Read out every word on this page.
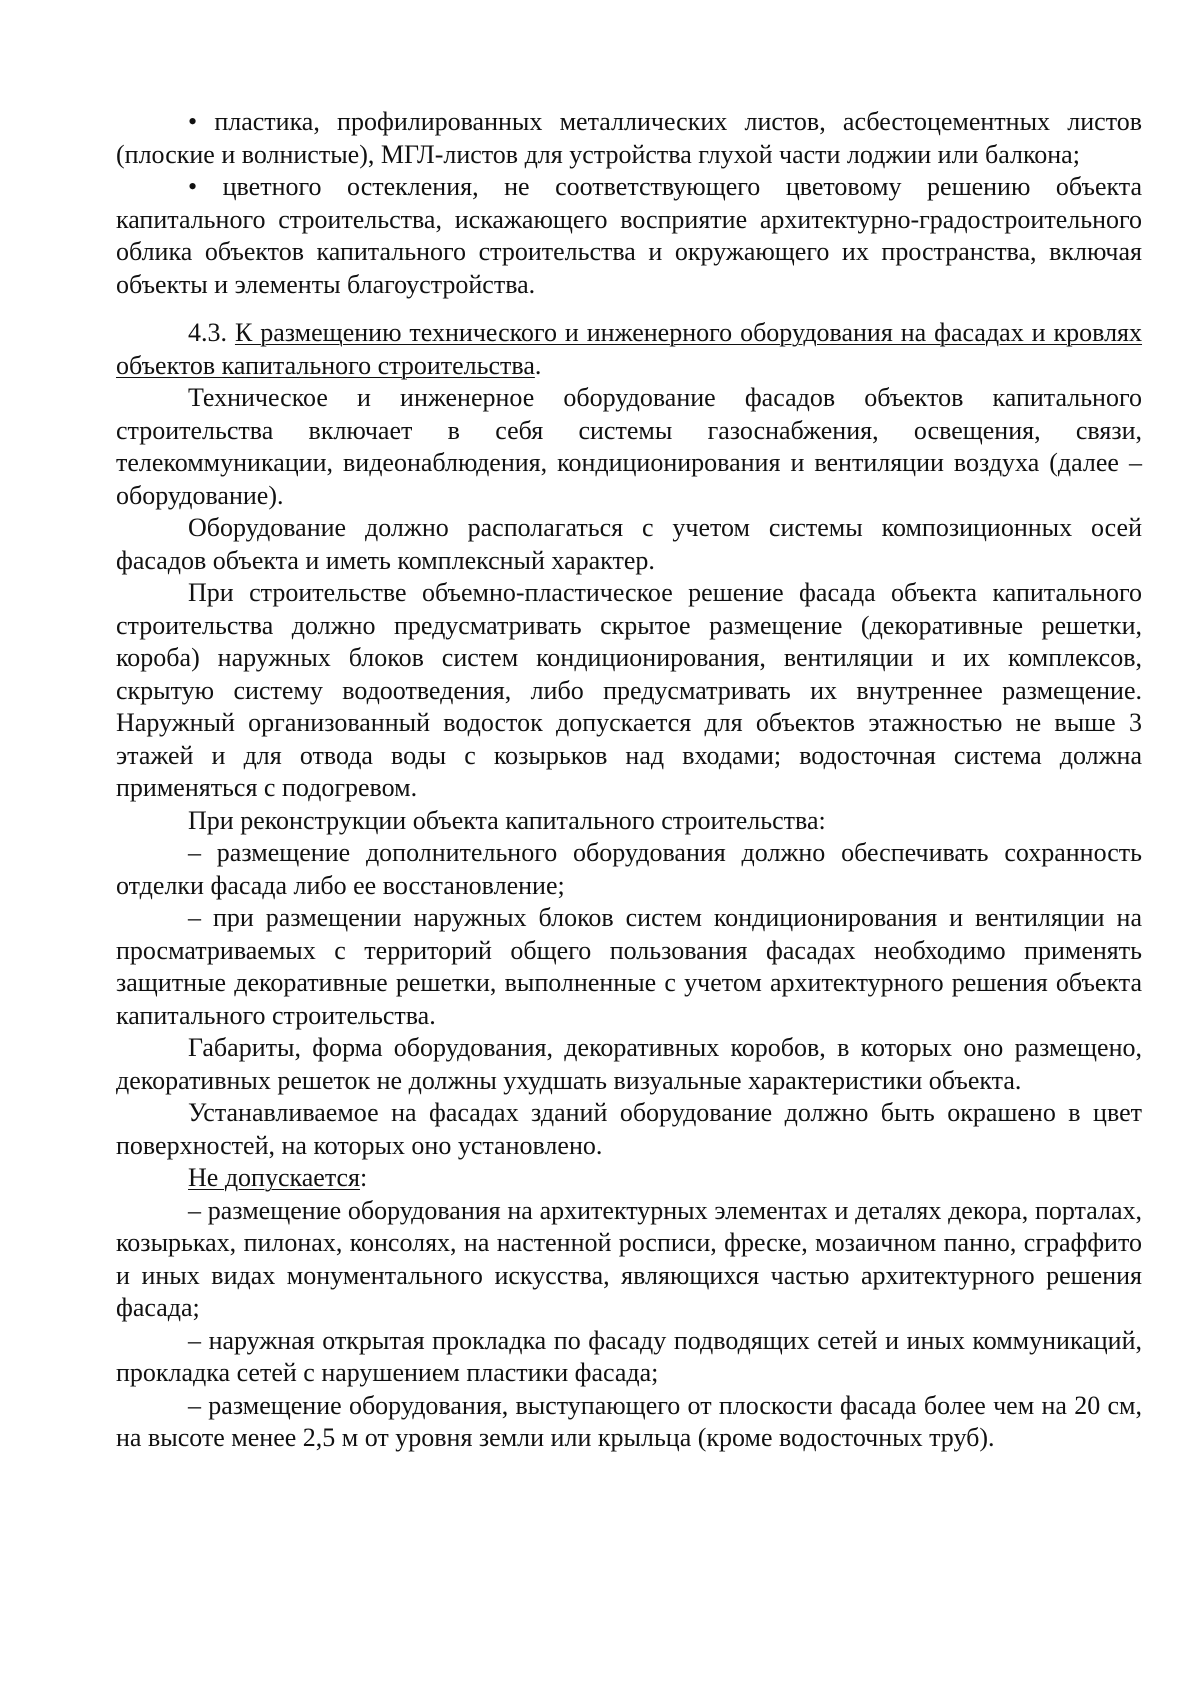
• пластика, профилированных металлических листов, асбестоцементных листов (плоские и волнистые), МГЛ-листов для устройства глухой части лоджии или балкона;

• цветного остекления, не соответствующего цветовому решению объекта капитального строительства, искажающего восприятие архитектурно-градостроительного облика объектов капитального строительства и окружающего их пространства, включая объекты и элементы благоустройства.

4.3. К размещению технического и инженерного оборудования на фасадах и кровлях объектов капитального строительства.

Техническое и инженерное оборудование фасадов объектов капитального строительства включает в себя системы газоснабжения, освещения, связи, телекоммуникации, видеонаблюдения, кондиционирования и вентиляции воздуха (далее – оборудование).

Оборудование должно располагаться с учетом системы композиционных осей фасадов объекта и иметь комплексный характер.

При строительстве объемно-пластическое решение фасада объекта капитального строительства должно предусматривать скрытое размещение (декоративные решетки, короба) наружных блоков систем кондиционирования, вентиляции и их комплексов, скрытую систему водоотведения, либо предусматривать их внутреннее размещение. Наружный организованный водосток допускается для объектов этажностью не выше 3 этажей и для отвода воды с козырьков над входами; водосточная система должна применяться с подогревом.

При реконструкции объекта капитального строительства:

– размещение дополнительного оборудования должно обеспечивать сохранность отделки фасада либо ее восстановление;

– при размещении наружных блоков систем кондиционирования и вентиляции на просматриваемых с территорий общего пользования фасадах необходимо применять защитные декоративные решетки, выполненные с учетом архитектурного решения объекта капитального строительства.

Габариты, форма оборудования, декоративных коробов, в которых оно размещено, декоративных решеток не должны ухудшать визуальные характеристики объекта.

Устанавливаемое на фасадах зданий оборудование должно быть окрашено в цвет поверхностей, на которых оно установлено.

Не допускается:

– размещение оборудования на архитектурных элементах и деталях декора, порталах, козырьках, пилонах, консолях, на настенной росписи, фреске, мозаичном панно, сграффито и иных видах монументального искусства, являющихся частью архитектурного решения фасада;

– наружная открытая прокладка по фасаду подводящих сетей и иных коммуникаций, прокладка сетей с нарушением пластики фасада;

– размещение оборудования, выступающего от плоскости фасада более чем на 20 см, на высоте менее 2,5 м от уровня земли или крыльца (кроме водосточных труб).
